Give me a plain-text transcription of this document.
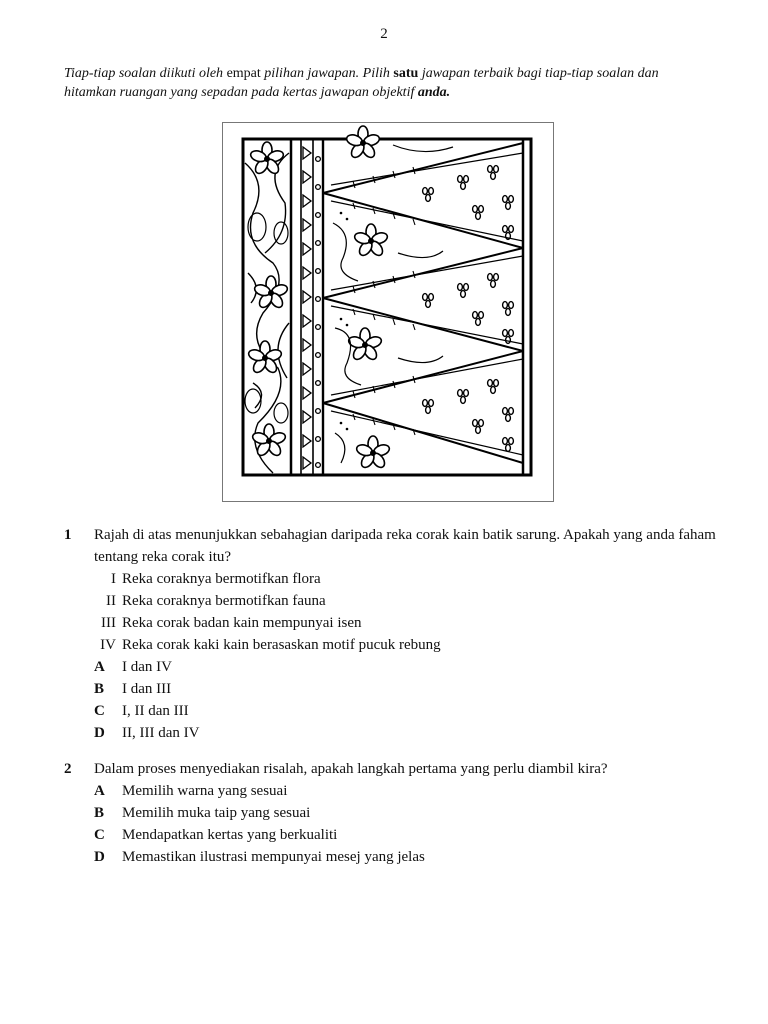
2
Tiap-tiap soalan diikuti oleh empat pilihan jawapan. Pilih satu jawapan terbaik bagi tiap-tiap soalan dan hitamkan ruangan yang sepadan pada kertas jawapan objektif anda.
1 Rajah di atas menunjukkan sebahagian daripada reka corak kain batik sarung. Apakah yang anda faham tentang reka corak itu?
I Reka coraknya bermotifkan flora
II Reka coraknya bermotifkan fauna
III Reka corak badan kain mempunyai isen
IV Reka corak kaki kain berasaskan motif pucuk rebung
A	I dan IV
B	I dan III
C	I, II dan III
D	II, III dan IV
2 Dalam proses menyediakan risalah, apakah langkah pertama yang perlu diambil kira?
A	Memilih warna yang sesuai
B	Memilih muka taip yang sesuai
C	Mendapatkan kertas yang berkualiti
D	Memastikan ilustrasi mempunyai mesej yang jelas
